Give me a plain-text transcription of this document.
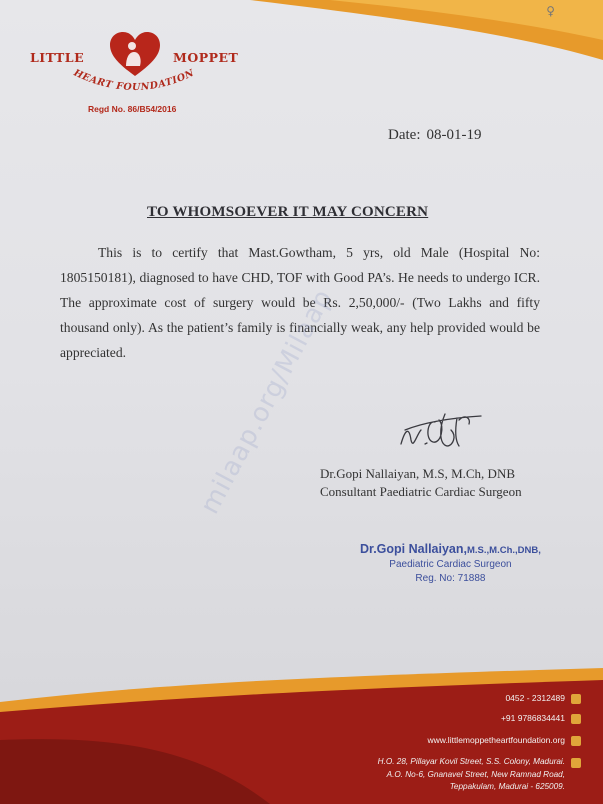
♀
LITTLE	MOPPET
HEART FOUNDATION
Regd No. 86/B54/2016
Date: 08-01-19
TO WHOMSOEVER IT MAY CONCERN

This is to certify that Mast.Gowtham, 5 yrs, old Male (Hospital No: 1805150181), diagnosed to have CHD, TOF with Good PA’s. He needs to undergo ICR. The approximate cost of surgery would be Rs. 2,50,000/- (Two Lakhs and fifty thousand only). As the patient’s family is financially weak, any help provided would be appreciated.

Dr.Gopi Nallaiyan, M.S, M.Ch, DNB
Consultant Paediatric Cardiac Surgeon
Dr.Gopi Nallaiyan,M.S.,M.Ch.,DNB,
Paediatric Cardiac Surgeon
Reg. No: 71888
milaap.org/Milaap
0452 - 2312489
+91 9786834441
www.littlemoppetheartfoundation.org
H.O. 28, Pillayar Kovil Street, S.S. Colony, Madurai.
A.O. No-6, Gnanavel Street, New Ramnad Road,
Teppakulam, Madurai - 625009.
